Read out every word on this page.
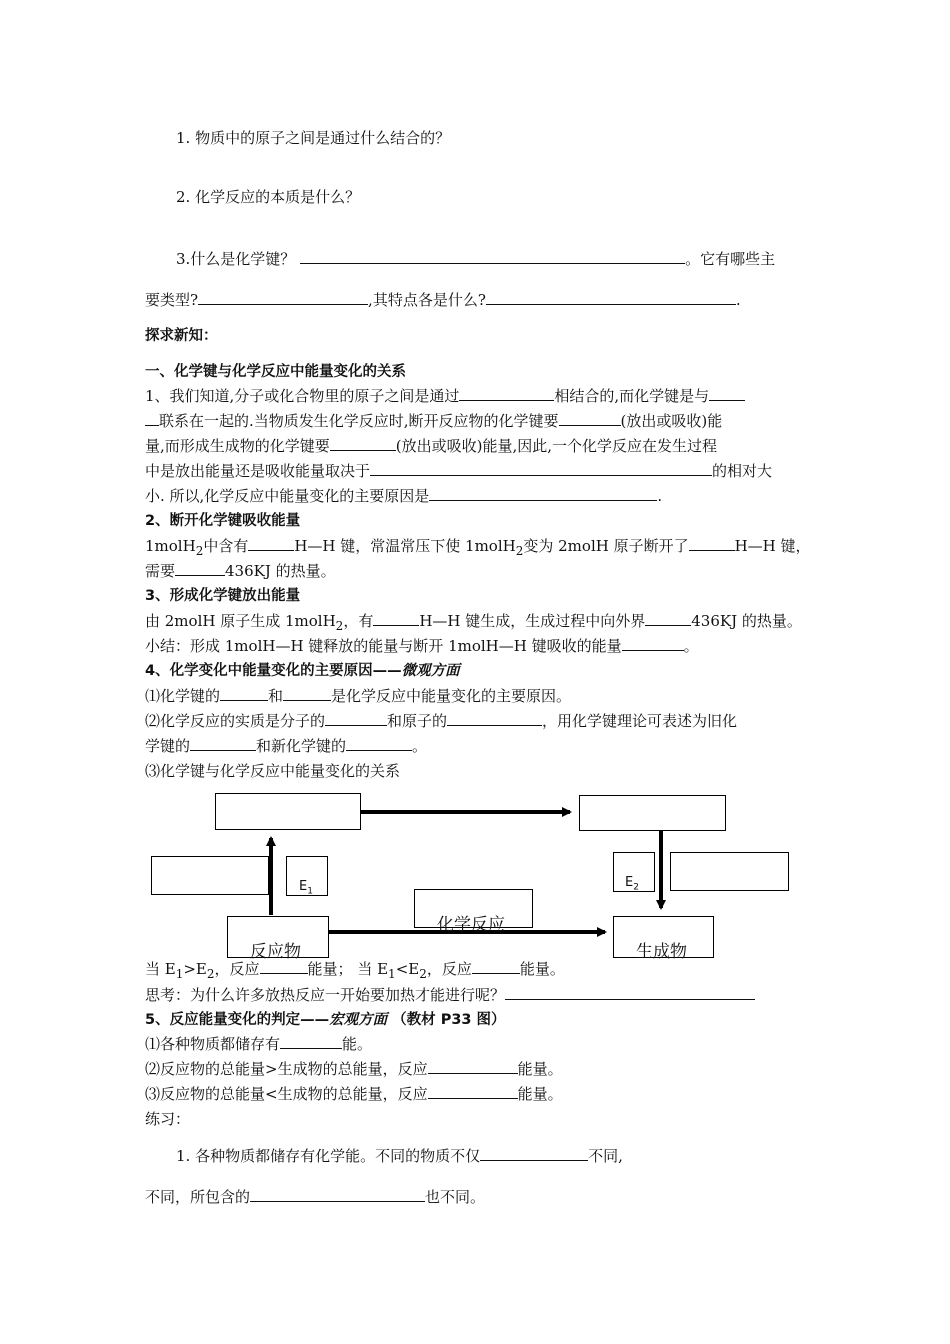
1. 物质中的原子之间是通过什么结合的？
2. 化学反应的本质是什么？
3.什么是化学键？	。它有哪些主
要类型?	,其特点各是什么?	.
探求新知：
一、化学键与化学反应中能量变化的关系
1、我们知道,分子或化合物里的原子之间是通过	相结合的,而化学键是与
联系在一起的.当物质发生化学反应时,断开反应物的化学键要	(放出或吸收)能
量,而形成生成物的化学键要	(放出或吸收)能量,因此,一个化学反应在发生过程
中是放出能量还是吸收能量取决于	的相对大
小. 所以,化学反应中能量变化的主要原因是	.
2、断开化学键吸收能量
1molH$_2$中含有	H—H 键，常温常压下使 1molH$_2$变为 2molH 原子断开了	H—H 键，
需要	436KJ 的热量。
3、形成化学键放出能量
由 2molH 原子生成 1molH$_2$，有	H—H 键生成，生成过程中向外界	436KJ 的热量。
小结：形成 1molH—H 键释放的能量与断开 1molH—H 键吸收的能量	。
4、化学变化中能量变化的主要原因——微观方面
⑴化学键的	和	是化学反应中能量变化的主要原因。
⑵化学反应的实质是分子的	和原子的	，用化学键理论可表述为旧化
学键的	和新化学键的	。
⑶化学键与化学反应中能量变化的关系
$E_1$
$E_2$
化学反应
反应物	生成物
当 $E_1>E_2$，反应	能量； 当 $E_1<E_2$，反应	能量。
思考：为什么许多放热反应一开始要加热才能进行呢？
5、反应能量变化的判定——宏观方面 （教材 P33 图）
⑴各种物质都储存有	能。
⑵反应物的总能量>生成物的总能量，反应	能量。
⑶反应物的总能量<生成物的总能量，反应	能量。
练习：
1. 各种物质都储存有化学能。不同的物质不仅	不同,
不同，所包含的	也不同。
